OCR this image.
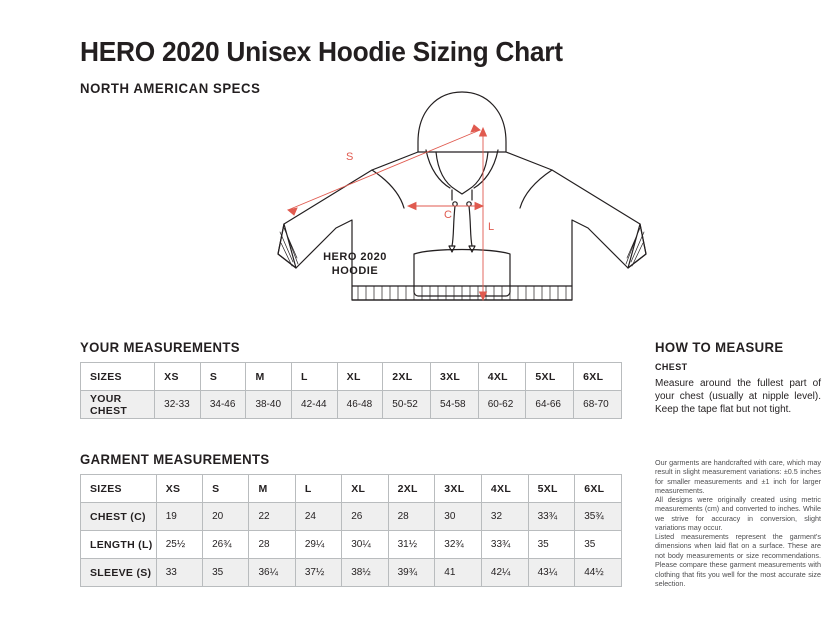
HERO 2020 Unisex Hoodie Sizing Chart
NORTH AMERICAN SPECS
S
C
L
HERO 2020
HOODIE
YOUR MEASUREMENTS
SIZES	XS	S	M	L	XL	2XL	3XL	4XL	5XL	6XL
YOUR CHEST	32-33	34-46	38-40	42-44	46-48	50-52	54-58	60-62	64-66	68-70
GARMENT MEASUREMENTS
SIZES	XS	S	M	L	XL	2XL	3XL	4XL	5XL	6XL
CHEST (C)	19	20	22	24	26	28	30	32	33¾	35¾
LENGTH (L)	25½	26¾	28	29¼	30¼	31½	32¾	33¾	35	35
SLEEVE (S)	33	35	36¼	37½	38½	39¾	41	42¼	43¼	44½
HOW TO MEASURE
CHEST
Measure around the fullest part of your chest (usually at nipple level). Keep the tape flat but not tight.
Our garments are handcrafted with care, which may result in slight measurement variations: ±0.5 inches for smaller measurements and ±1 inch for larger measurements.
All designs were originally created using metric measurements (cm) and converted to inches. While we strive for accuracy in conversion, slight variations may occur.
Listed measurements represent the garment's dimensions when laid flat on a surface. These are not body measurements or size recommendations. Please compare these garment measurements with clothing that fits you well for the most accurate size selection.
